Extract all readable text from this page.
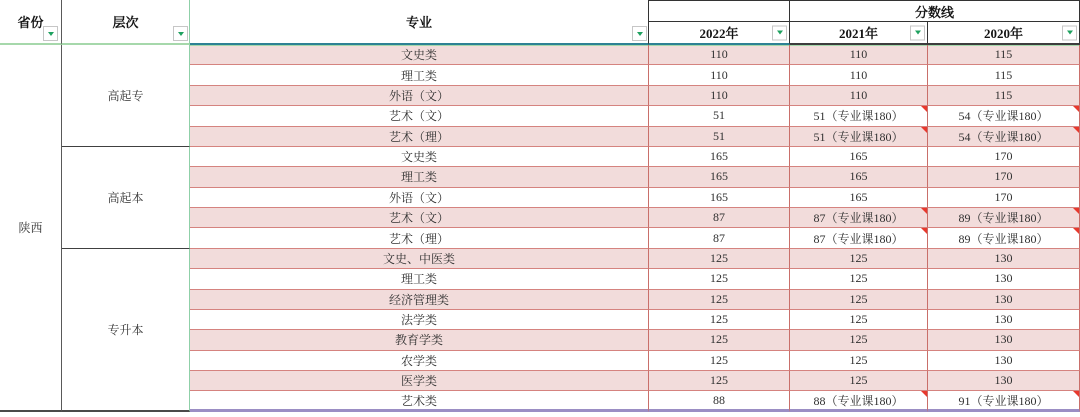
省份	层次	专业		分数线	
			2022年	2021年	2020年

陕西	高起专	文史类	110	110	115
		理工类	110	110	115
		外语（文）	110	110	115
		艺术（文）	51	51（专业课180）	54（专业课180）

		艺术（理）	51	51（专业课180）	54（专业课180）

	高起本	文史类	165	165	170
		理工类	165	165	170
		外语（文）	165	165	170
		艺术（文）	87	87（专业课180）	89（专业课180）

		艺术（理）	87	87（专业课180）	89（专业课180）

	专升本	文史、中医类	125	125	130
		理工类	125	125	130
		经济管理类	125	125	130
		法学类	125	125	130
		教育学类	125	125	130
		农学类	125	125	130
		医学类	125	125	130
		艺术类	88	88（专业课180）	91（专业课180）
